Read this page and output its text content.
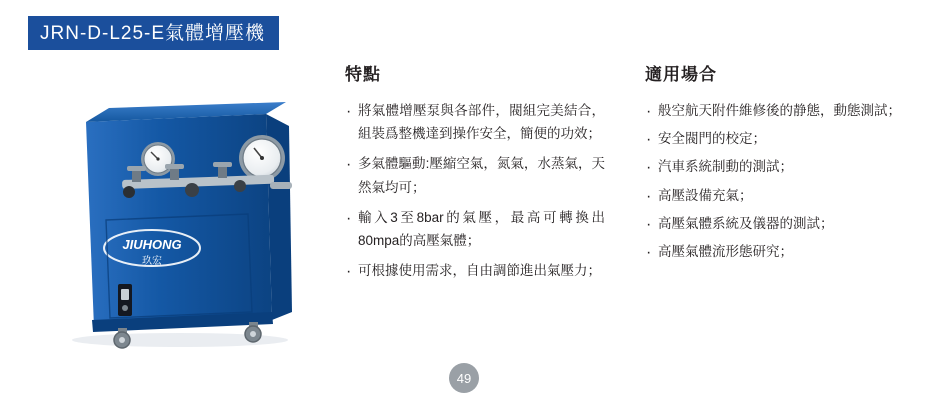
JRN-D-L25-E氣體增壓機
JIUHONG
玖宏
特點
· 將氣體增壓泵與各部件，閥組完美結合，組裝爲整機達到操作安全，簡便的功效；
· 多氣體驅動:壓縮空氣，氮氣，水蒸氣，天然氣均可；
· 輸入3至8bar的氣壓，最高可轉換出80mpa的高壓氣體；
· 可根據使用需求，自由調節進出氣壓力；
適用場合
· 般空航天附件維修後的静態，動態測試；
· 安全閥門的校定；
· 汽車系統制動的測試；
· 高壓設備充氣；
· 高壓氣體系統及儀器的測試；
· 高壓氣體流形態研究；
49
